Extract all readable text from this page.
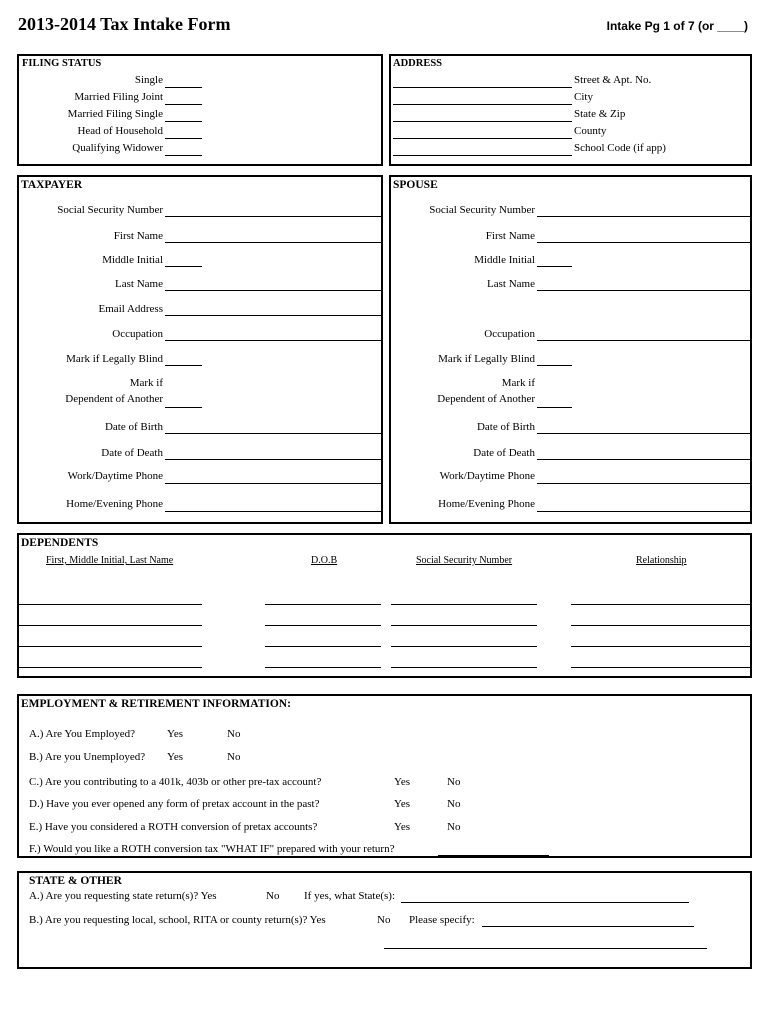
2013-2014 Tax Intake Form	Intake Pg 1 of 7 (or ____)
FILING STATUS
Single
Married Filing Joint
Married Filing Single
Head of Household
Qualifying Widower
ADDRESS
Street & Apt. No.
City
State & Zip
County
School Code (if app)
TAXPAYER
Social Security Number
First Name
Middle Initial
Last Name
Email Address
Occupation
Mark if Legally Blind
Mark if
Dependent of Another
Date of Birth
Date of Death
Work/Daytime Phone
Home/Evening Phone
SPOUSE
Social Security Number
First Name
Middle Initial
Last Name
Occupation
Mark if Legally Blind
Mark if
Dependent of Another
Date of Birth
Date of Death
Work/Daytime Phone
Home/Evening Phone
DEPENDENTS
First, Middle Initial, Last Name	D.O.B	Social Security Number	Relationship
EMPLOYMENT & RETIREMENT INFORMATION:
A.) Are You Employed?	Yes	No
B.) Are you Unemployed? Yes	No
C.) Are you contributing to a 401k, 403b or other pre-tax account?	Yes	No
D.) Have you ever opened any form of pretax account in the past?	Yes	No
E.) Have you considered a ROTH conversion of pretax accounts?	Yes	No
F.) Would you like a ROTH conversion tax "WHAT IF" prepared with your return?
STATE & OTHER
A.) Are you requesting state return(s)? Yes	No If yes, what State(s):
B.) Are you requesting local, school, RITA or county return(s)? Yes	No Please specify:
